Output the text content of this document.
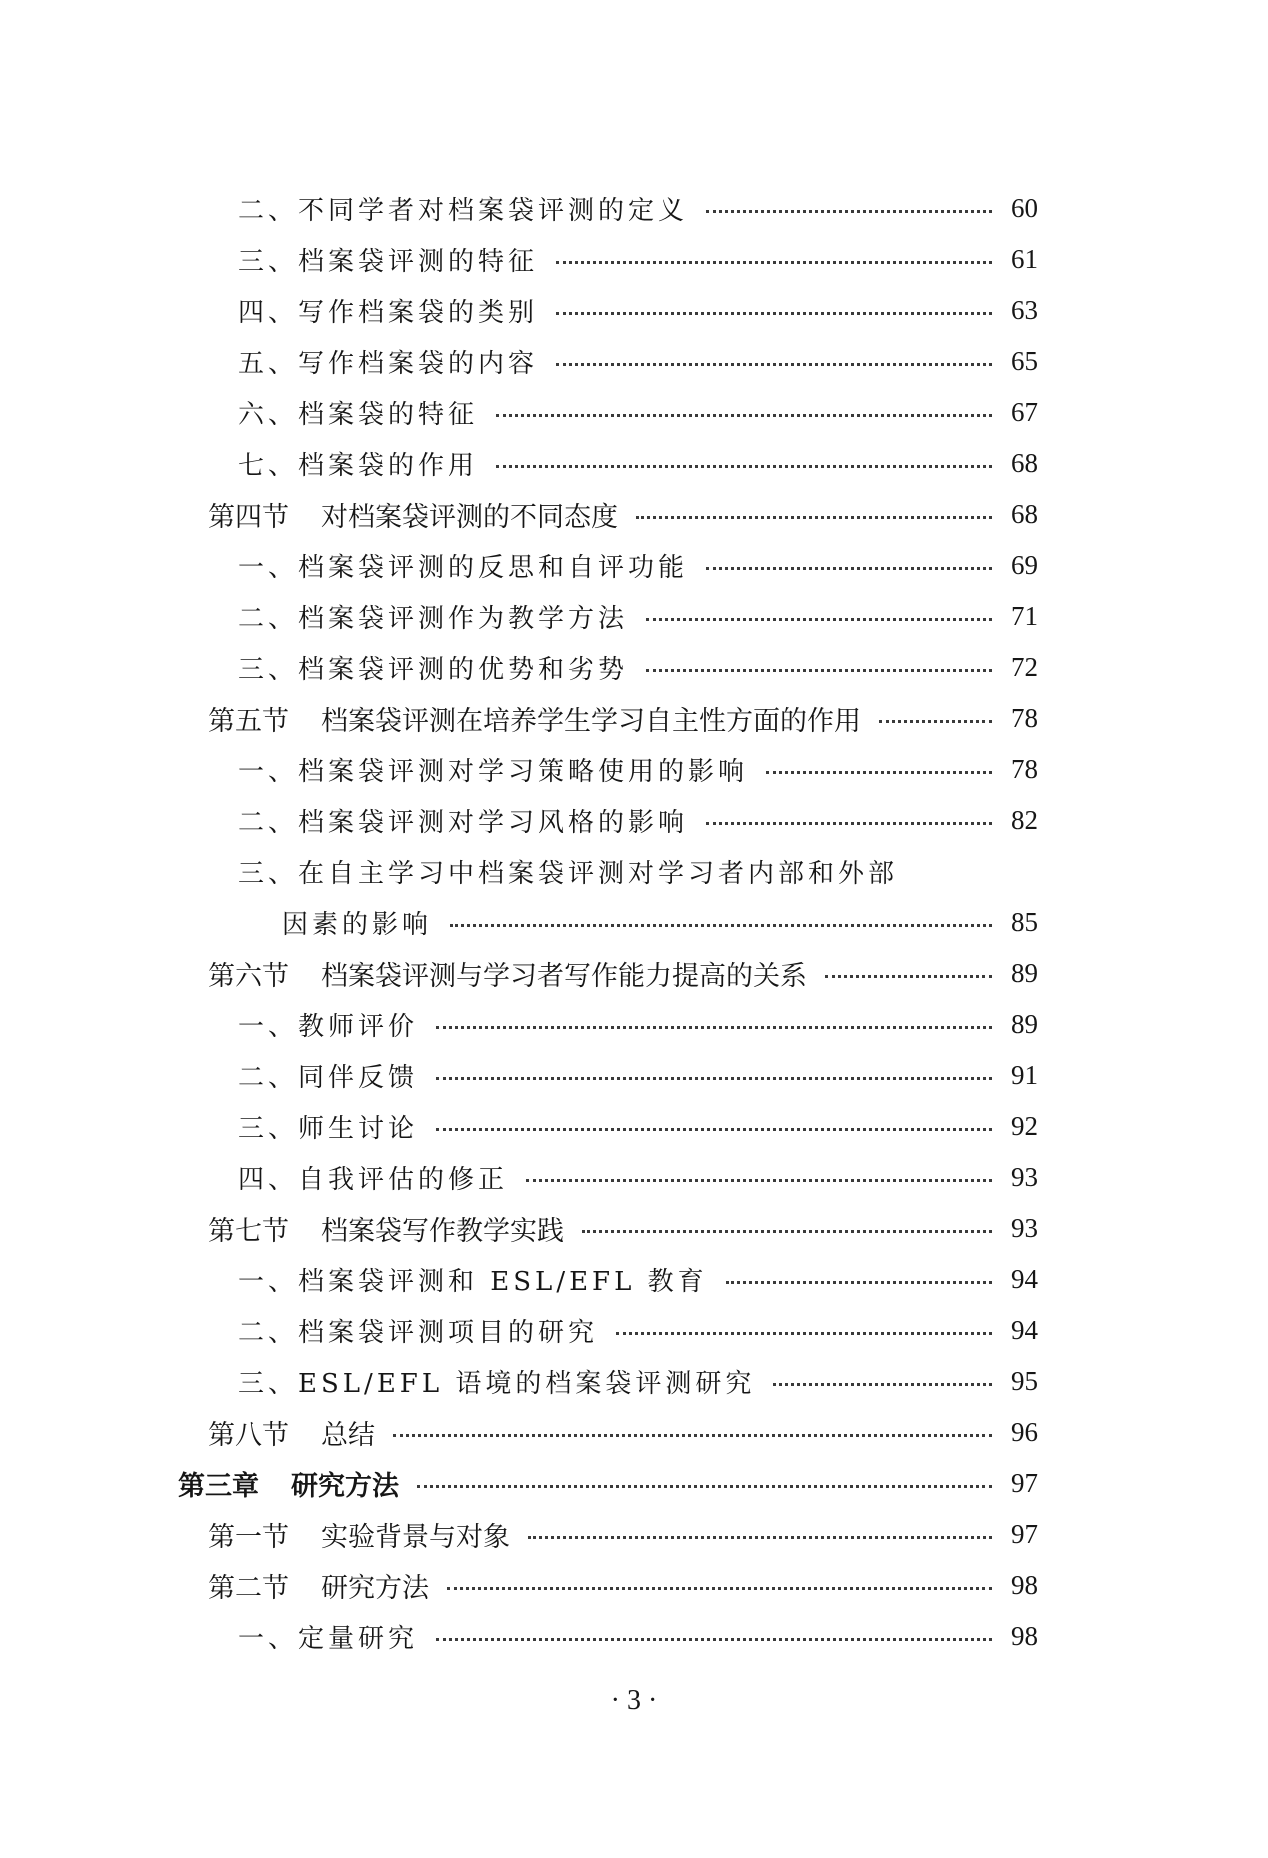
二、不同学者对档案袋评测的定义	60
三、档案袋评测的特征	61
四、写作档案袋的类别	63
五、写作档案袋的内容	65
六、档案袋的特征	67
七、档案袋的作用	68
第四节 对档案袋评测的不同态度	68
一、档案袋评测的反思和自评功能	69
二、档案袋评测作为教学方法	71
三、档案袋评测的优势和劣势	72
第五节 档案袋评测在培养学生学习自主性方面的作用	78
一、档案袋评测对学习策略使用的影响	78
二、档案袋评测对学习风格的影响	82
三、在自主学习中档案袋评测对学习者内部和外部
因素的影响	85
第六节 档案袋评测与学习者写作能力提高的关系	89
一、教师评价	89
二、同伴反馈	91
三、师生讨论	92
四、自我评估的修正	93
第七节 档案袋写作教学实践	93
一、档案袋评测和 ESL/EFL 教育	94
二、档案袋评测项目的研究	94
三、ESL/EFL 语境的档案袋评测研究	95
第八节 总结	96
第三章 研究方法	97
第一节 实验背景与对象	97
第二节 研究方法	98
一、定量研究	98
· 3 ·
